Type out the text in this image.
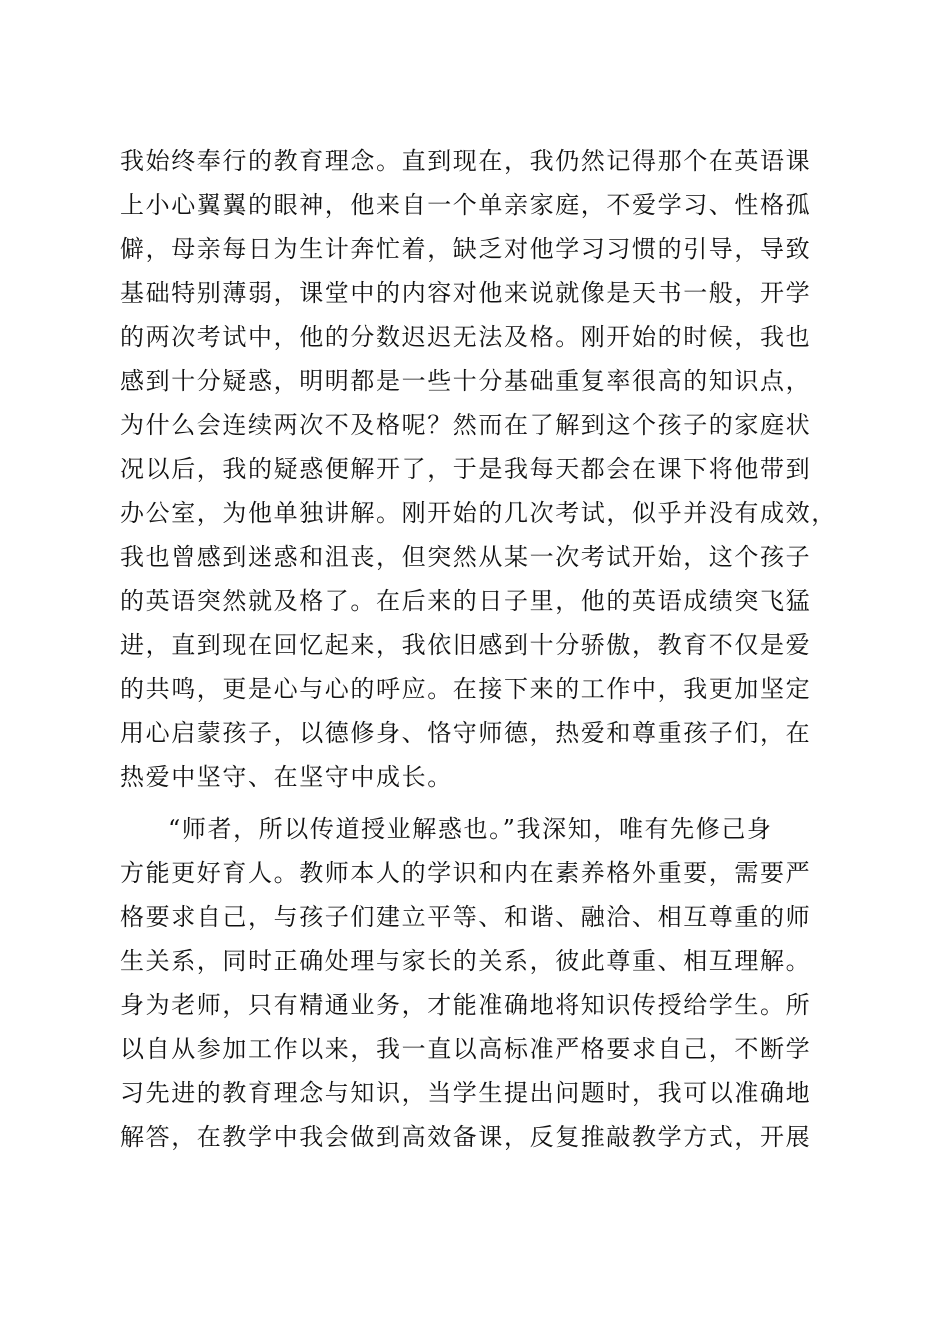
我始终奉行的教育理念。直到现在，我仍然记得那个在英语课
上小心翼翼的眼神，他来自一个单亲家庭，不爱学习、性格孤
僻，母亲每日为生计奔忙着，缺乏对他学习习惯的引导，导致
基础特别薄弱，课堂中的内容对他来说就像是天书一般，开学
的两次考试中，他的分数迟迟无法及格。刚开始的时候，我也
感到十分疑惑，明明都是一些十分基础重复率很高的知识点，
为什么会连续两次不及格呢？然而在了解到这个孩子的家庭状
况以后，我的疑惑便解开了，于是我每天都会在课下将他带到
办公室，为他单独讲解。刚开始的几次考试，似乎并没有成效，
我也曾感到迷惑和沮丧，但突然从某一次考试开始，这个孩子
的英语突然就及格了。在后来的日子里，他的英语成绩突飞猛
进，直到现在回忆起来，我依旧感到十分骄傲，教育不仅是爱
的共鸣，更是心与心的呼应。在接下来的工作中，我更加坚定
用心启蒙孩子，以德修身、恪守师德，热爱和尊重孩子们，在
热爱中坚守、在坚守中成长。
“师者，所以传道授业解惑也。”我深知，唯有先修己身
方能更好育人。教师本人的学识和内在素养格外重要，需要严
格要求自己，与孩子们建立平等、和谐、融洽、相互尊重的师
生关系，同时正确处理与家长的关系，彼此尊重、相互理解。
身为老师，只有精通业务，才能准确地将知识传授给学生。所
以自从参加工作以来，我一直以高标准严格要求自己，不断学
习先进的教育理念与知识，当学生提出问题时，我可以准确地
解答，在教学中我会做到高效备课，反复推敲教学方式，开展
